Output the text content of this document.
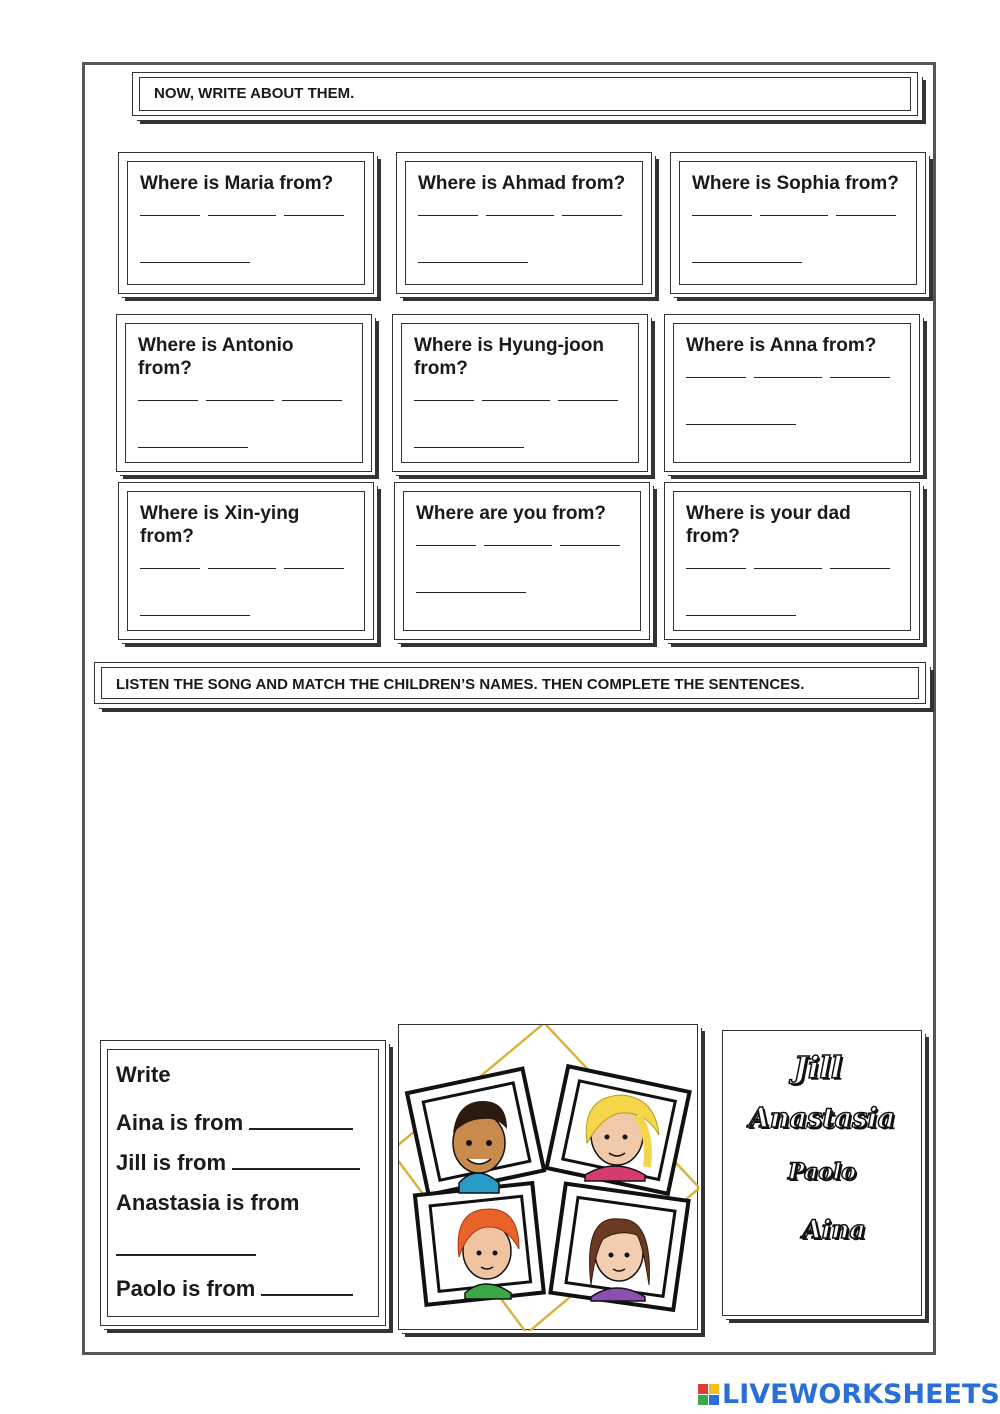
NOW, WRITE ABOUT THEM.

Where is Maria from?	Where is Ahmad from?	Where is Sophia from?

Where is Antonio from?

Where is Hyung-joon from?

Where is Anna from?

Where is Xin-ying from?

Where are you from?	Where is your dad from?

LISTEN THE SONG AND MATCH THE CHILDREN’S NAMES. THEN COMPLETE THE SENTENCES.

Write

Aina is from

Jill is from

Anastasia is from

Paolo is from

Jill
Anastasia
Paolo
Aina
LIVEWORKSHEETS
